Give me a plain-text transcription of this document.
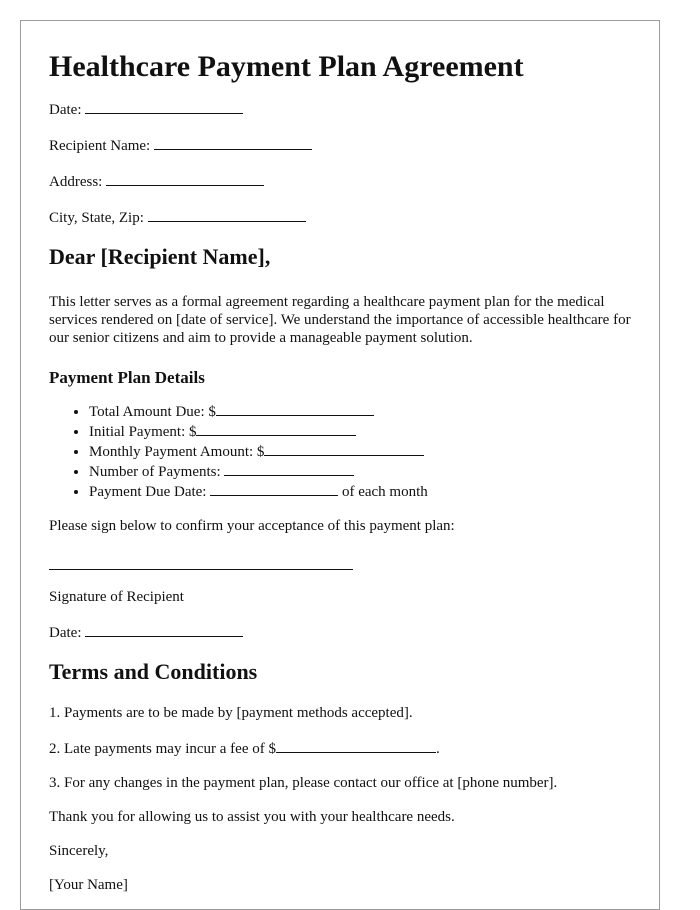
Healthcare Payment Plan Agreement

Date:

Recipient Name:

Address:

City, State, Zip:

Dear [Recipient Name],

This letter serves as a formal agreement regarding a healthcare payment plan for the medical services rendered on [date of service]. We understand the importance of accessible healthcare for our senior citizens and aim to provide a manageable payment solution.

Payment Plan Details
• Total Amount Due: $
• Initial Payment: $
• Monthly Payment Amount: $
• Number of Payments:
• Payment Due Date:	of each month

Please sign below to confirm your acceptance of this payment plan:

Signature of Recipient

Date:

Terms and Conditions

1. Payments are to be made by [payment methods accepted].

2. Late payments may incur a fee of $	.

3. For any changes in the payment plan, please contact our office at [phone number].

Thank you for allowing us to assist you with your healthcare needs.

Sincerely,

[Your Name]
